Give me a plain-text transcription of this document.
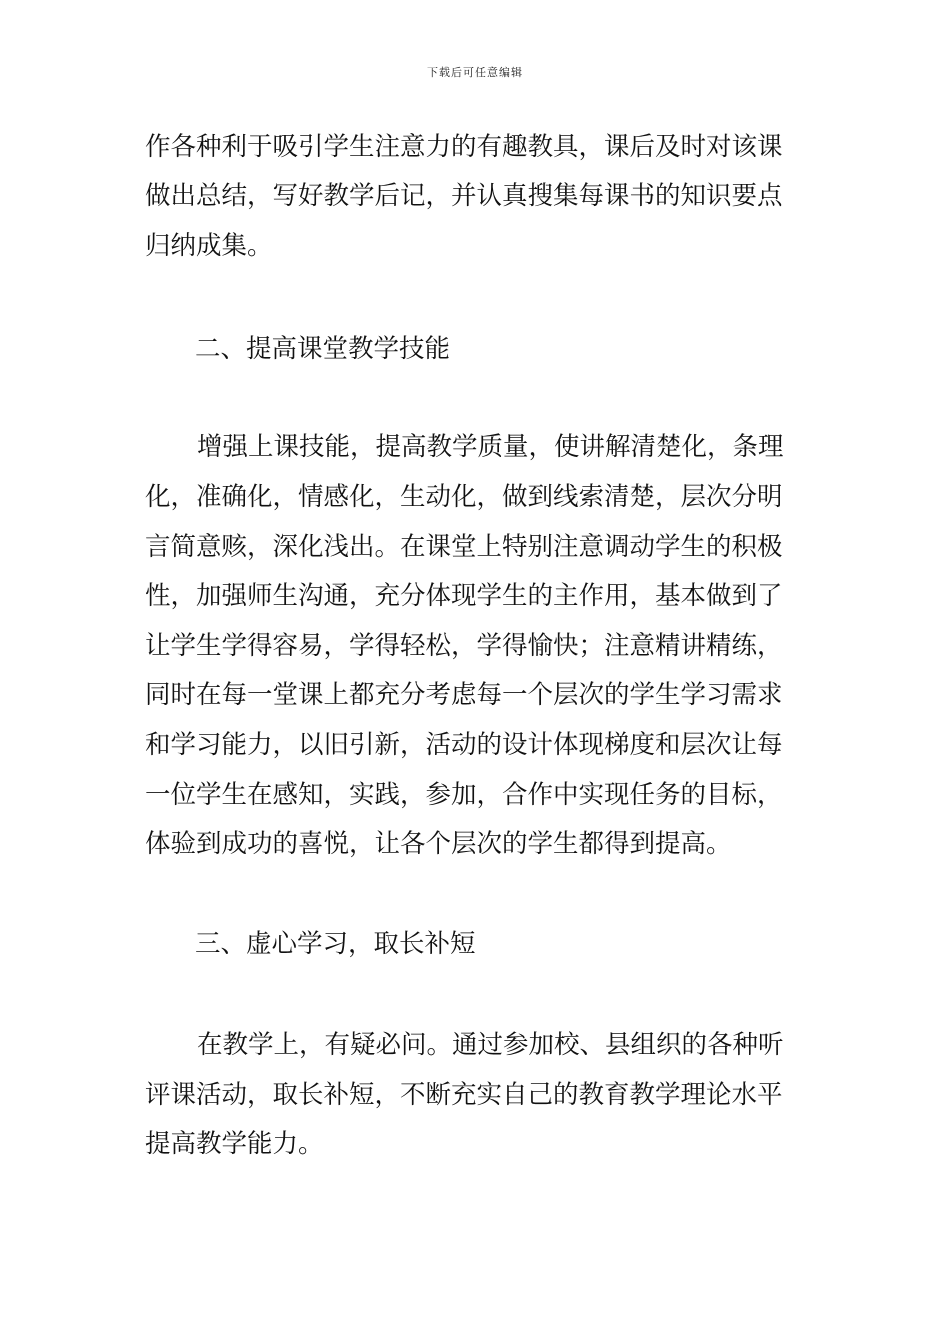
下载后可任意编辑
作各种利于吸引学生注意力的有趣教具，课后及时对该课
做出总结，写好教学后记，并认真搜集每课书的知识要点
归纳成集。
二、提高课堂教学技能
增强上课技能，提高教学质量，使讲解清楚化，条理
化，准确化，情感化，生动化，做到线索清楚，层次分明
言简意赅，深化浅出。在课堂上特别注意调动学生的积极
性，加强师生沟通，充分体现学生的主作用，基本做到了
让学生学得容易，学得轻松，学得愉快；注意精讲精练，
同时在每一堂课上都充分考虑每一个层次的学生学习需求
和学习能力，以旧引新，活动的设计体现梯度和层次让每
一位学生在感知，实践，参加，合作中实现任务的目标，
体验到成功的喜悦，让各个层次的学生都得到提高。
三、虚心学习，取长补短
在教学上，有疑必问。通过参加校、县组织的各种听
评课活动，取长补短，不断充实自己的教育教学理论水平
提高教学能力。
